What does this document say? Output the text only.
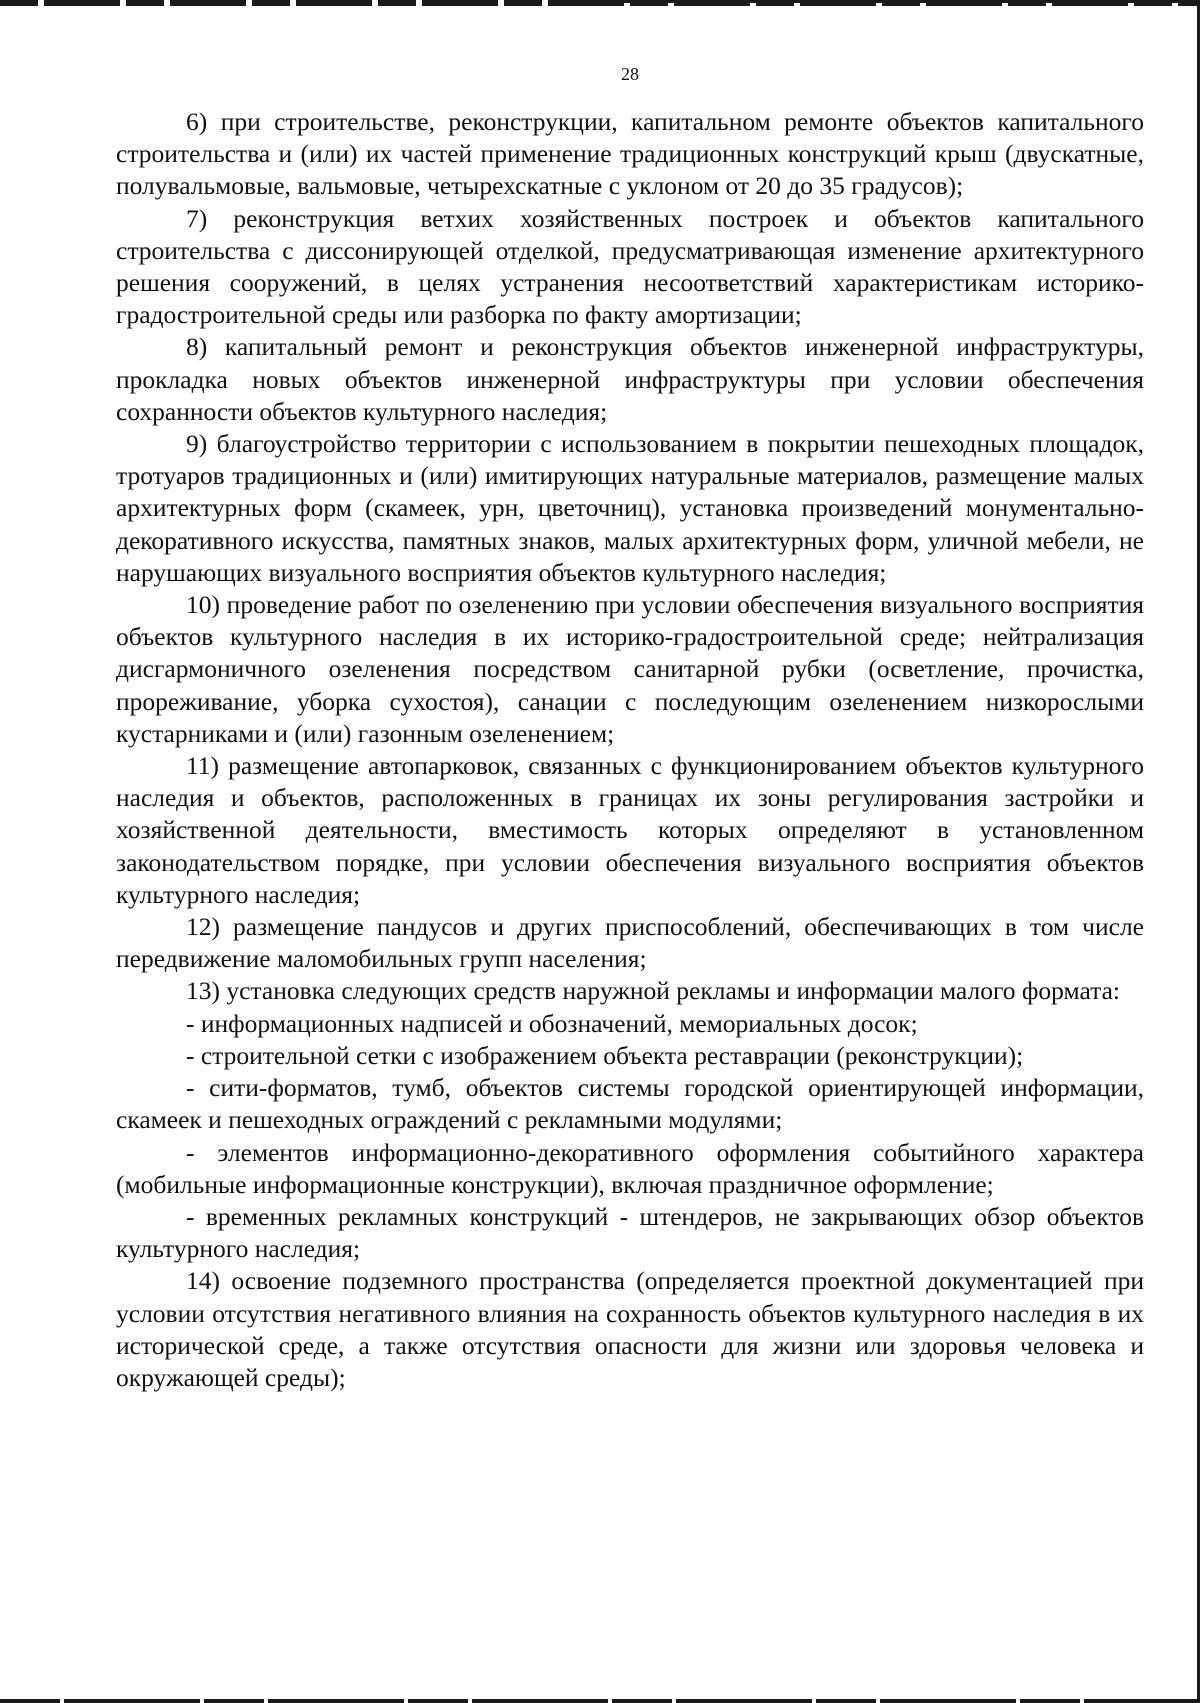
28

6) при строительстве, реконструкции, капитальном ремонте объектов капитального строительства и (или) их частей применение традиционных конструкций крыш (двускатные, полувальмовые, вальмовые, четырехскатные с уклоном от 20 до 35 градусов);

7) реконструкция ветхих хозяйственных построек и объектов капитального строительства с диссонирующей отделкой, предусматривающая изменение архитектурного решения сооружений, в целях устранения несоответствий характеристикам историко-градостроительной среды или разборка по факту амортизации;

8) капитальный ремонт и реконструкция объектов инженерной инфраструктуры, прокладка новых объектов инженерной инфраструктуры при условии обеспечения сохранности объектов культурного наследия;

9) благоустройство территории с использованием в покрытии пешеходных площадок, тротуаров традиционных и (или) имитирующих натуральные материалов, размещение малых архитектурных форм (скамеек, урн, цветочниц), установка произведений монументально-декоративного искусства, памятных знаков, малых архитектурных форм, уличной мебели, не нарушающих визуального восприятия объектов культурного наследия;

10) проведение работ по озеленению при условии обеспечения визуального восприятия объектов культурного наследия в их историко-градостроительной среде; нейтрализация дисгармоничного озеленения посредством санитарной рубки (осветление, прочистка, прореживание, уборка сухостоя), санации с последующим озеленением низкорослыми кустарниками и (или) газонным озеленением;

11) размещение автопарковок, связанных с функционированием объектов культурного наследия и объектов, расположенных в границах их зоны регулирования застройки и хозяйственной деятельности, вместимость которых определяют в установленном законодательством порядке, при условии обеспечения визуального восприятия объектов культурного наследия;

12) размещение пандусов и других приспособлений, обеспечивающих в том числе передвижение маломобильных групп населения;

13) установка следующих средств наружной рекламы и информации малого формата:

- информационных надписей и обозначений, мемориальных досок;

- строительной сетки с изображением объекта реставрации (реконструкции);

- сити-форматов, тумб, объектов системы городской ориентирующей информации, скамеек и пешеходных ограждений с рекламными модулями;

- элементов информационно-декоративного оформления событийного характера (мобильные информационные конструкции), включая праздничное оформление;

- временных рекламных конструкций - штендеров, не закрывающих обзор объектов культурного наследия;

14) освоение подземного пространства (определяется проектной документацией при условии отсутствия негативного влияния на сохранность объектов культурного наследия в их исторической среде, а также отсутствия опасности для жизни или здоровья человека и окружающей среды);
